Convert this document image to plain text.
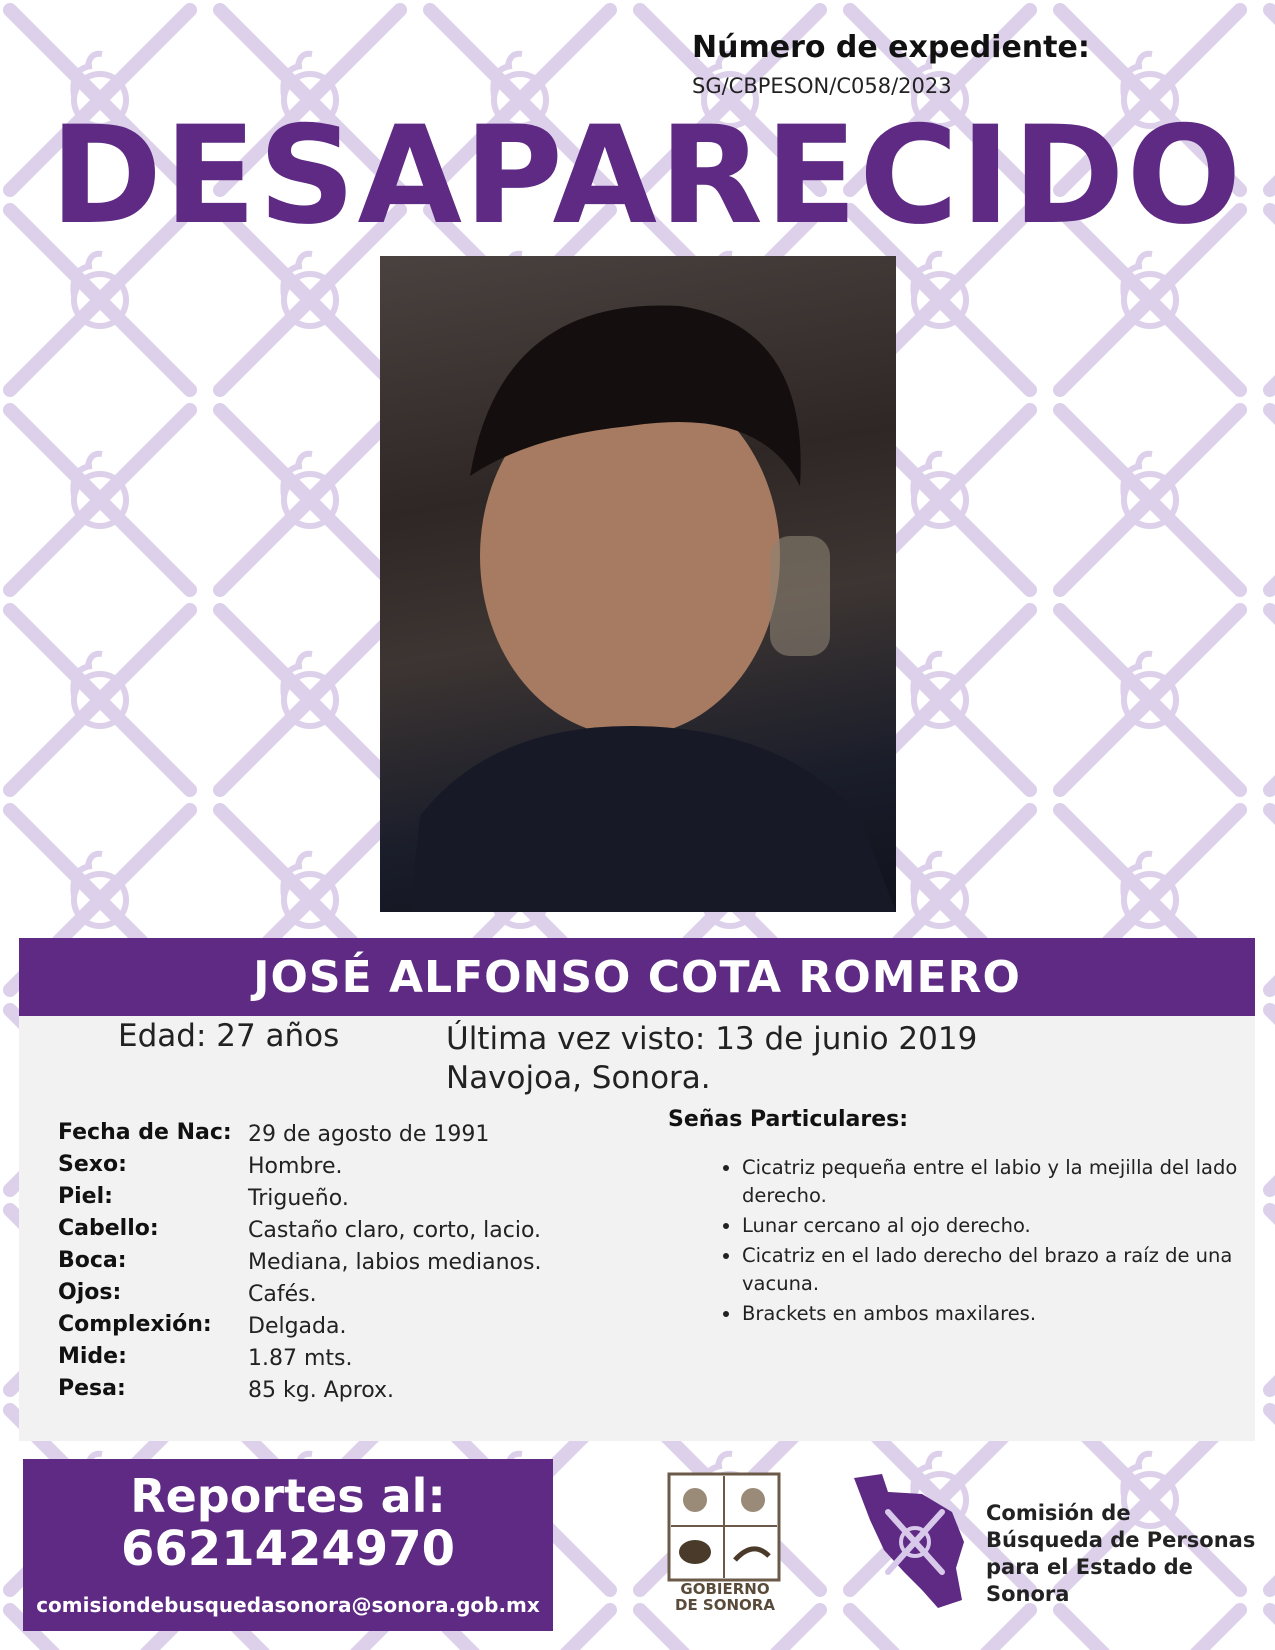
Número de expediente:
SG/CBPESON/C058/2023
DESAPARECIDO
JOSÉ ALFONSO COTA ROMERO
Edad: 27 años	Última vez visto: 13 de junio 2019
Navojoa, Sonora.
Fecha de Nac: 29 de agosto de 1991
Sexo:	Hombre.
Piel:	Trigueño.
Cabello:	Castaño claro, corto, lacio.
Boca:	Mediana, labios medianos.
Ojos:	Cafés.
Complexión: Delgada.
Mide:	1.87 mts.
Pesa:	85 kg. Aprox.
Señas Particulares:
• Cicatriz pequeña entre el labio y la mejilla del lado derecho.
• Lunar cercano al ojo derecho.
• Cicatriz en el lado derecho del brazo a raíz de una vacuna.
• Brackets en ambos maxilares.
Reportes al:
6621424970
comisiondebusquedasonora@sonora.gob.mx
GOBIERNO
DE SONORA
Comisión de
Búsqueda de Personas
para el Estado de Sonora
